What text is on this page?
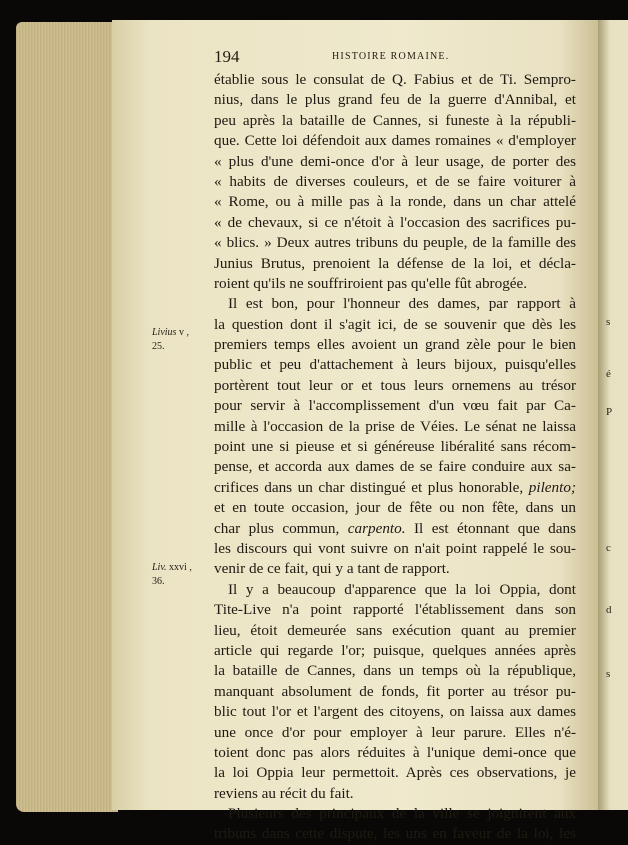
s
é
P
c
d
s
194	HISTOIRE ROMAINE.
Livius v ,
25.
Liv. xxvi ,
36.
établie sous le consulat de Q. Fabius et de Ti. Sempro-
nius, dans le plus grand feu de la guerre d'Annibal, et
peu après la bataille de Cannes, si funeste à la républi-
que. Cette loi défendoit aux dames romaines « d'employer
« plus d'une demi-once d'or à leur usage, de porter des
« habits de diverses couleurs, et de se faire voiturer à
« Rome, ou à mille pas à la ronde, dans un char attelé
« de chevaux, si ce n'étoit à l'occasion des sacrifices pu-
« blics. » Deux autres tribuns du peuple, de la famille des
Junius Brutus, prenoient la défense de la loi, et décla-
roient qu'ils ne souffriroient pas qu'elle fût abrogée.
Il est bon, pour l'honneur des dames, par rapport à
la question dont il s'agit ici, de se souvenir que dès les
premiers temps elles avoient un grand zèle pour le bien
public et peu d'attachement à leurs bijoux, puisqu'elles
portèrent tout leur or et tous leurs ornemens au trésor
pour servir à l'accomplissement d'un vœu fait par Ca-
mille à l'occasion de la prise de Véies. Le sénat ne laissa
point une si pieuse et si généreuse libéralité sans récom-
pense, et accorda aux dames de se faire conduire aux sa-
crifices dans un char distingué et plus honorable, pilento;
et en toute occasion, jour de fête ou non fête, dans un
char plus commun, carpento. Il est étonnant que dans
les discours qui vont suivre on n'ait point rappelé le sou-
venir de ce fait, qui y a tant de rapport.
Il y a beaucoup d'apparence que la loi Oppia, dont
Tite-Live n'a point rapporté l'établissement dans son
lieu, étoit demeurée sans exécution quant au premier
article qui regarde l'or; puisque, quelques années après
la bataille de Cannes, dans un temps où la république,
manquant absolument de fonds, fit porter au trésor pu-
blic tout l'or et l'argent des citoyens, on laissa aux dames
une once d'or pour employer à leur parure. Elles n'é-
toient donc pas alors réduites à l'unique demi-once que
la loi Oppia leur permettoit. Après ces observations, je
reviens au récit du fait.
Plusieurs des principaux de la ville se joignirent aux
tribuns dans cette dispute, les uns en faveur de la loi, les
